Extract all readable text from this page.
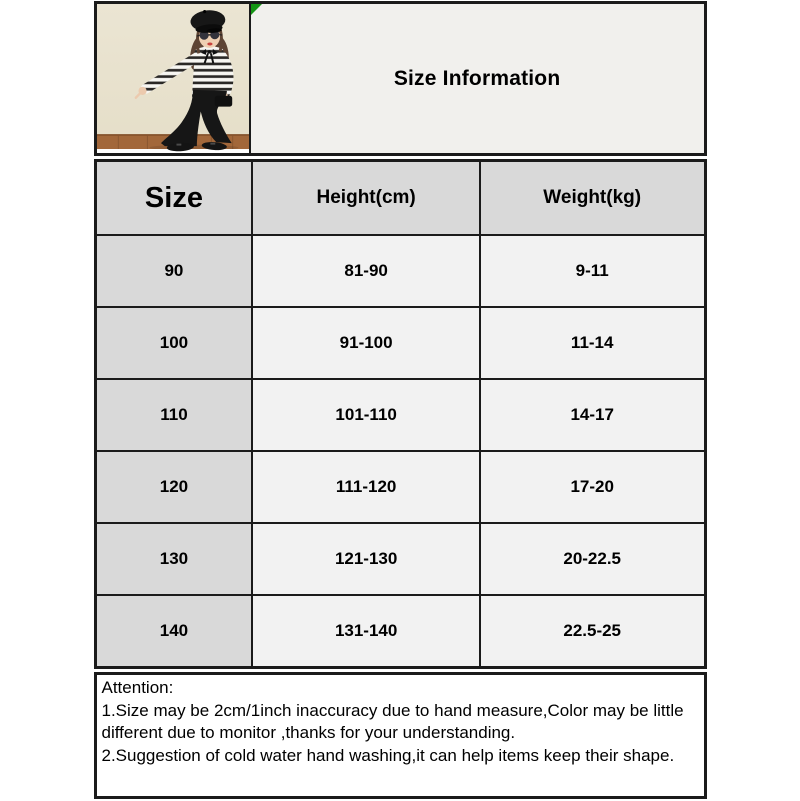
Size Information
Size	Height(cm)	Weight(kg)
90	81-90	9-11
100	91-100	11-14
110	101-110	14-17
120	111-120	17-20
130	121-130	20-22.5
140	131-140	22.5-25

Attention:

1.Size may be 2cm/1inch inaccuracy due to hand measure,Color may be little different due to monitor ,thanks for your understanding.

2.Suggestion of cold water hand washing,it can help items keep their shape.
